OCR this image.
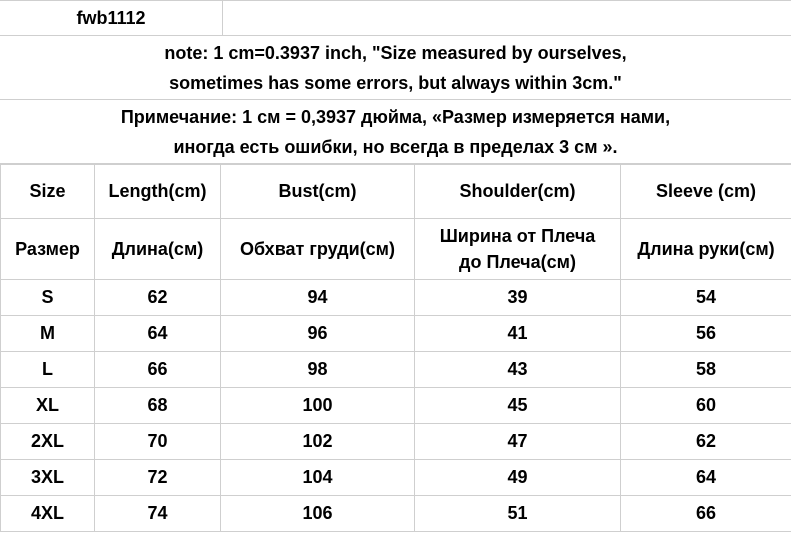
fwb1112
note: 1 cm=0.3937 inch, "Size measured by ourselves,
sometimes has some errors, but always within 3cm."
Примечание: 1 см = 0,3937 дюйма, «Размер измеряется нами,
иногда есть ошибки, но всегда в пределах 3 см ».
Size	Length(cm)	Bust(cm)	Shoulder(cm)	Sleeve (cm)
Размер	Длина(см)	Обхват груди(см)	Ширина от Плеча
до Плеча(см)	Длина руки(см)
S	62	94	39	54
M	64	96	41	56
L	66	98	43	58
XL	68	100	45	60
2XL	70	102	47	62
3XL	72	104	49	64
4XL	74	106	51	66
